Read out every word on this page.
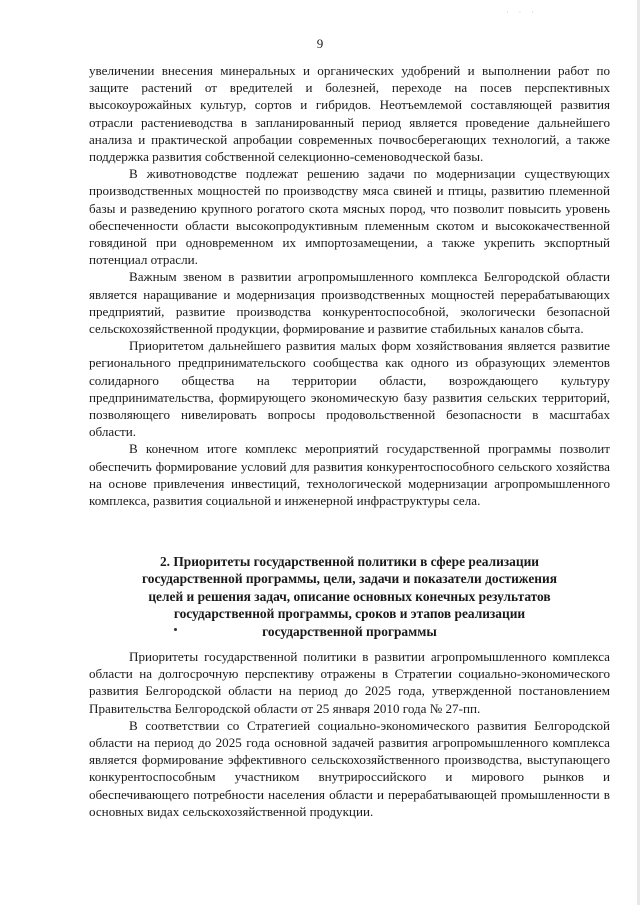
· · ·
9

увеличении внесения минеральных и органических удобрений и выполнении работ по защите растений от вредителей и болезней, переходе на посев перспективных высокоурожайных культур, сортов и гибридов. Неотъемлемой составляющей развития отрасли растениеводства в запланированный период является проведение дальнейшего анализа и практической апробации современных почвосберегающих технологий, а также поддержка развития собственной селекционно-семеноводческой базы.

В животноводстве подлежат решению задачи по модернизации существующих производственных мощностей по производству мяса свиней и птицы, развитию племенной базы и разведению крупного рогатого скота мясных пород, что позволит повысить уровень обеспеченности области высокопродуктивным племенным скотом и высококачественной говядиной при одновременном их импортозамещении, а также укрепить экспортный потенциал отрасли.

Важным звеном в развитии агропромышленного комплекса Белгородской области является наращивание и модернизация производственных мощностей перерабатывающих предприятий, развитие производства конкурентоспособной, экологически безопасной сельскохозяйственной продукции, формирование и развитие стабильных каналов сбыта.

Приоритетом дальнейшего развития малых форм хозяйствования является развитие регионального предпринимательского сообщества как одного из образующих элементов солидарного общества на территории области, возрождающего культуру предпринимательства, формирующего экономическую базу развития сельских территорий, позволяющего нивелировать вопросы продовольственной безопасности в масштабах области.

В конечном итоге комплекс мероприятий государственной программы позволит обеспечить формирование условий для развития конкурентоспособного сельского хозяйства на основе привлечения инвестиций, технологической модернизации агропромышленного комплекса, развития социальной и инженерной инфраструктуры села.

2. Приоритеты государственной политики в сфере реализации

государственной программы, цели, задачи и показатели достижения

целей и решения задач, описание основных конечных результатов

государственной программы, сроков и этапов реализации

государственной программы

Приоритеты государственной политики в развитии агропромышленного комплекса области на долгосрочную перспективу отражены в Стратегии социально-экономического развития Белгородской области на период до 2025 года, утвержденной постановлением Правительства Белгородской области от 25 января 2010 года № 27-пп.

В соответствии со Стратегией социально-экономического развития Белгородской области на период до 2025 года основной задачей развития агропромышленного комплекса является формирование эффективного сельскохозяйственного производства, выступающего конкурентоспособным участником внутрироссийского и мирового рынков и обеспечивающего потребности населения области и перерабатывающей промышленности в основных видах сельскохозяйственной продукции.
